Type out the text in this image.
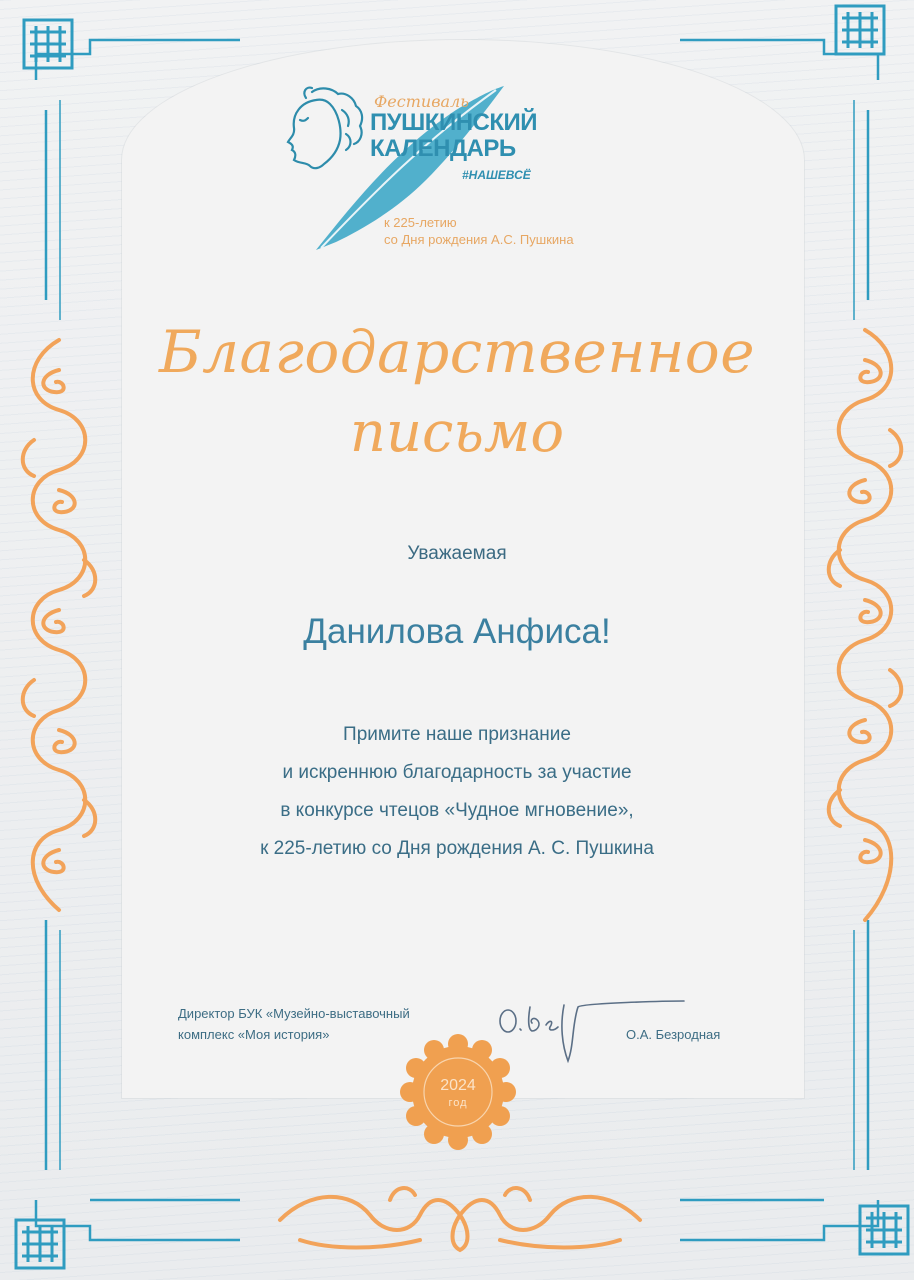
Фестиваль
ПУШКИНСКИЙ
КАЛЕНДАРЬ
#НАШЕВСЁ
к 225-летию
со Дня рождения А.С. Пушкина
Благодарственное
письмо
Уважаемая
Данилова Анфиса!
Примите наше признание
и искреннюю благодарность за участие
в конкурсе чтецов «Чудное мгновение»,
к 225-летию со Дня рождения А. С. Пушкина
Директор БУК «Музейно-выставочный
комплекс «Моя история»	О.А. Безродная
2024
год
